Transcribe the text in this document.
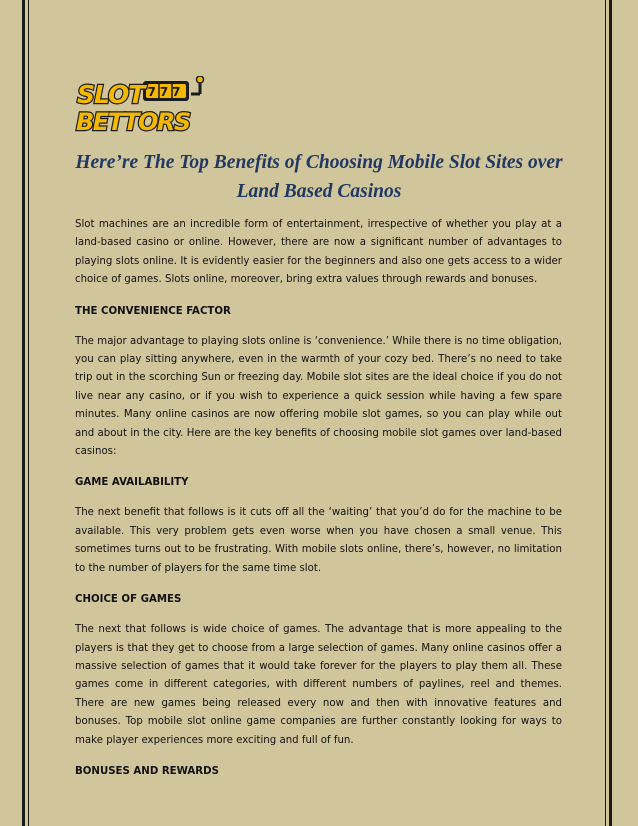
777
SLOT
BETTORS
Here’re The Top Benefits of Choosing Mobile Slot Sites over Land Based Casinos

Slot machines are an incredible form of entertainment, irrespective of whether you play at a land-based casino or online. However, there are now a significant number of advantages to playing slots online. It is evidently easier for the beginners and also one gets access to a wider choice of games. Slots online, moreover, bring extra values through rewards and bonuses.

THE CONVENIENCE FACTOR

The major advantage to playing slots online is ‘convenience.’ While there is no time obligation, you can play sitting anywhere, even in the warmth of your cozy bed. There’s no need to take trip out in the scorching Sun or freezing day. Mobile slot sites are the ideal choice if you do not live near any casino, or if you wish to experience a quick session while having a few spare minutes. Many online casinos are now offering mobile slot games, so you can play while out and about in the city. Here are the key benefits of choosing mobile slot games over land-based casinos:

GAME AVAILABILITY

The next benefit that follows is it cuts off all the ‘waiting’ that you’d do for the machine to be available. This very problem gets even worse when you have chosen a small venue. This sometimes turns out to be frustrating. With mobile slots online, there’s, however, no limitation to the number of players for the same time slot.

CHOICE OF GAMES

The next that follows is wide choice of games. The advantage that is more appealing to the players is that they get to choose from a large selection of games. Many online casinos offer a massive selection of games that it would take forever for the players to play them all. These games come in different categories, with different numbers of paylines, reel and themes. There are new games being released every now and then with innovative features and bonuses. Top mobile slot online game companies are further constantly looking for ways to make player experiences more exciting and full of fun.

BONUSES AND REWARDS
